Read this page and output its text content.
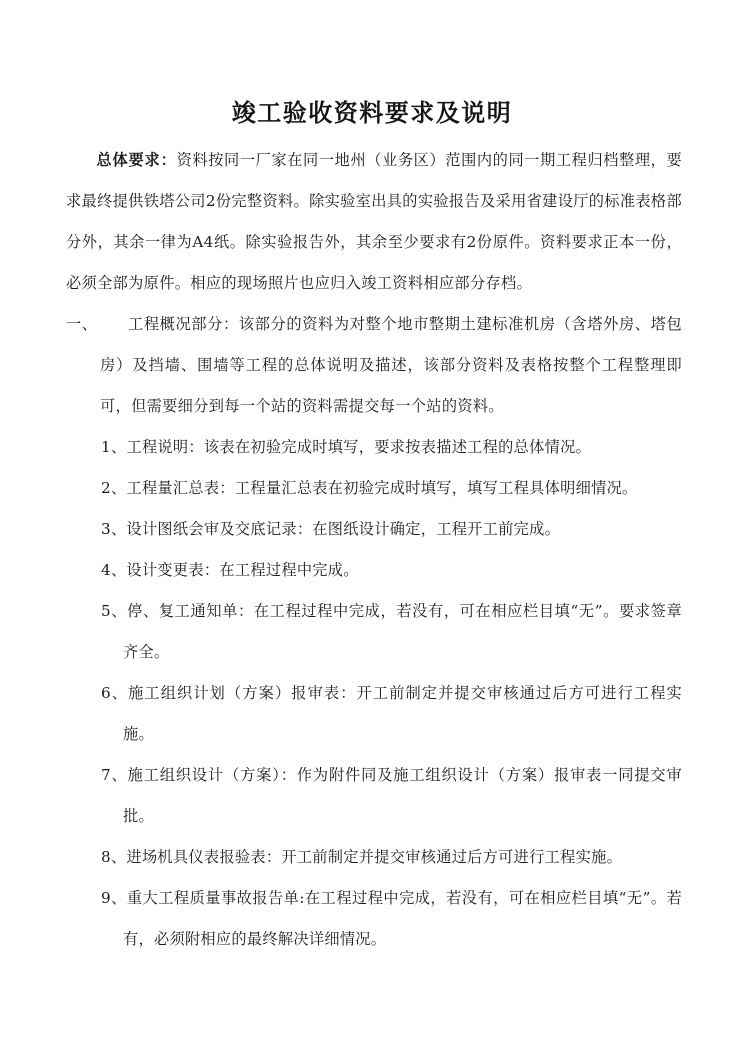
竣工验收资料要求及说明

总体要求：资料按同一厂家在同一地州（业务区）范围内的同一期工程归档整理，要求最终提供铁塔公司2份完整资料。除实验室出具的实验报告及采用省建设厅的标准表格部分外，其余一律为A4纸。除实验报告外，其余至少要求有2份原件。资料要求正本一份，必须全部为原件。相应的现场照片也应归入竣工资料相应部分存档。

一、	工程概况部分：该部分的资料为对整个地市整期土建标准机房（含塔外房、塔包房）及挡墙、围墙等工程的总体说明及描述，该部分资料及表格按整个工程整理即可，但需要细分到每一个站的资料需提交每一个站的资料。
1、工程说明：该表在初验完成时填写，要求按表描述工程的总体情况。
2、工程量汇总表：工程量汇总表在初验完成时填写，填写工程具体明细情况。
3、设计图纸会审及交底记录：在图纸设计确定，工程开工前完成。
4、设计变更表：在工程过程中完成。
5、停、复工通知单：在工程过程中完成，若没有，可在相应栏目填“无”。要求签章齐全。
6、施工组织计划（方案）报审表：开工前制定并提交审核通过后方可进行工程实施。
7、施工组织设计（方案）：作为附件同及施工组织设计（方案）报审表一同提交审批。
8、进场机具仪表报验表：开工前制定并提交审核通过后方可进行工程实施。
9、重大工程质量事故报告单:在工程过程中完成，若没有，可在相应栏目填“无”。若有，必须附相应的最终解决详细情况。
